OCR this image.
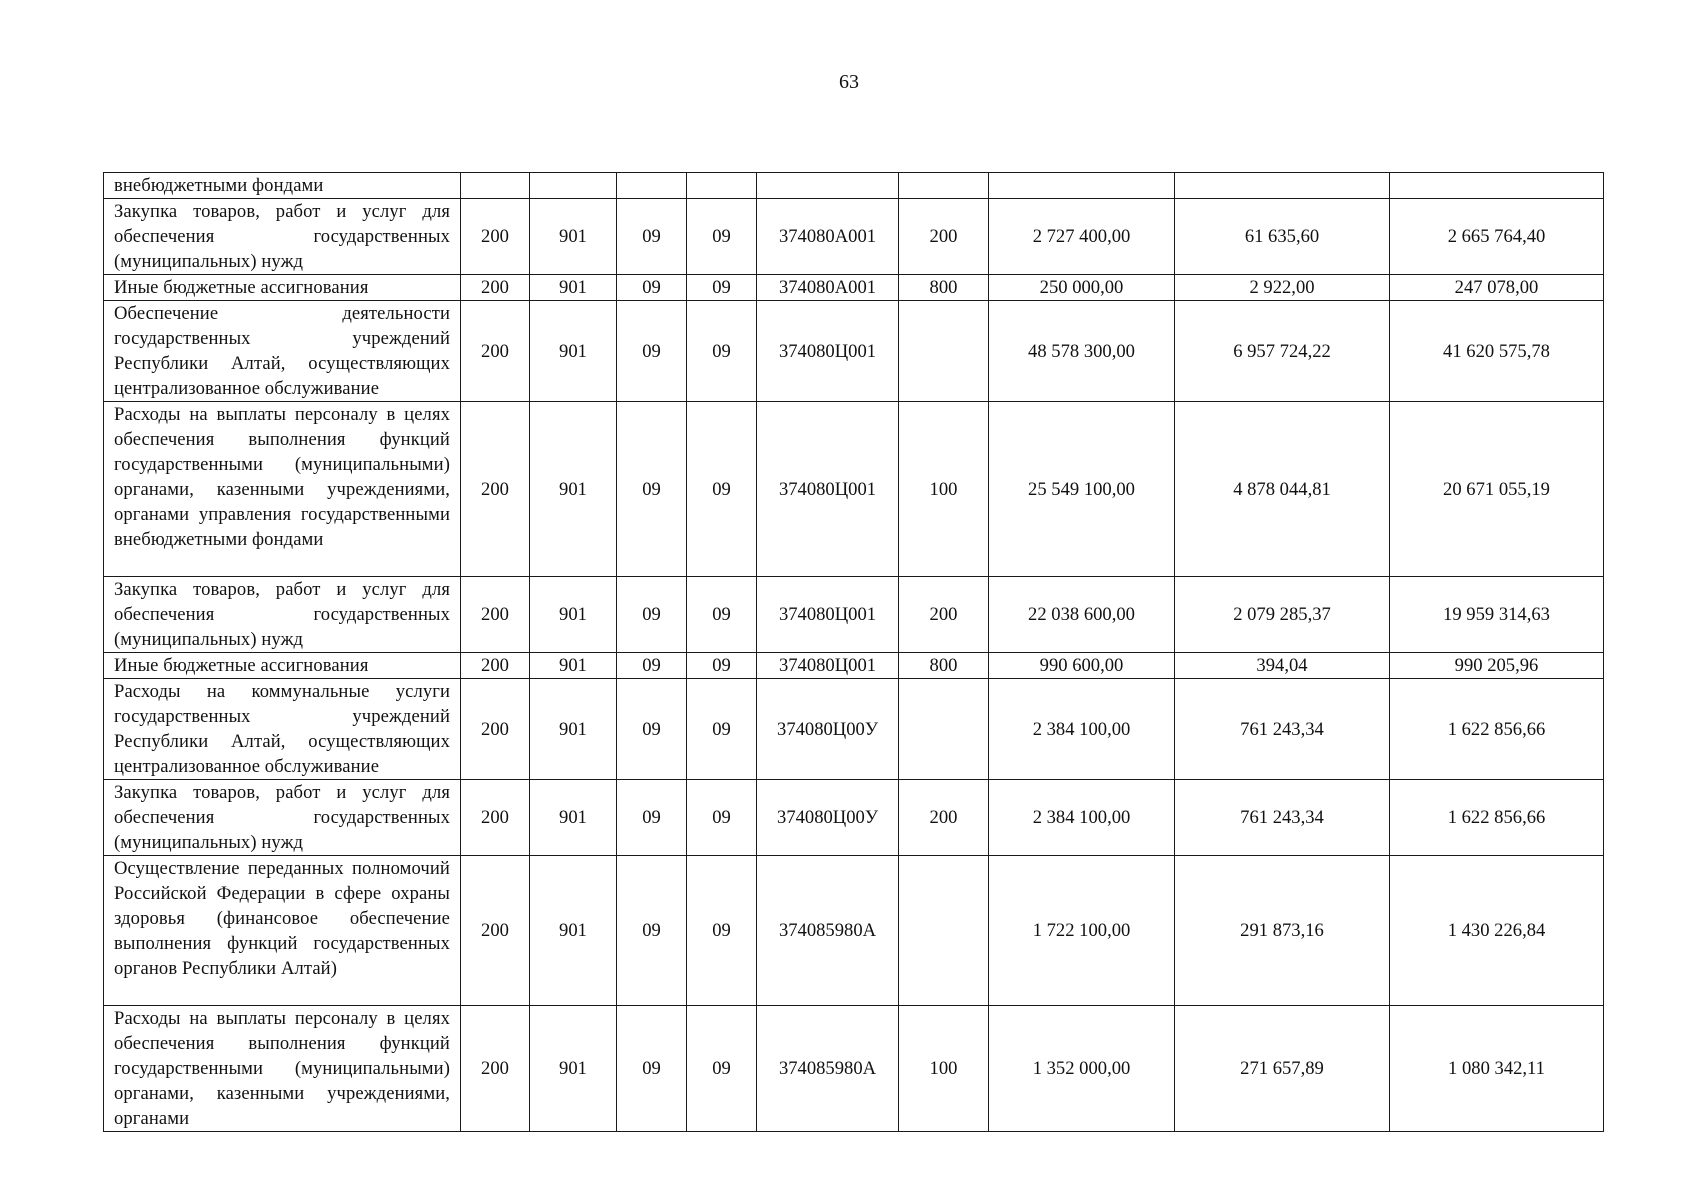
63
внебюджетными фондами									
Закупка товаров, работ и услуг для обеспечения государственных (муниципальных) нужд	200	901	09	09	374080А001	200	2 727 400,00	61 635,60	2 665 764,40
Иные бюджетные ассигнования	200	901	09	09	374080А001	800	250 000,00	2 922,00	247 078,00
Обеспечение деятельности государственных учреждений Республики Алтай, осуществляющих централизованное обслуживание	200	901	09	09	374080Ц001		48 578 300,00	6 957 724,22	41 620 575,78
Расходы на выплаты персоналу в целях обеспечения выполнения функций государственными (муниципальными) органами, казенными учреждениями, органами управления государственными внебюджетными фондами	200	901	09	09	374080Ц001	100	25 549 100,00	4 878 044,81	20 671 055,19
Закупка товаров, работ и услуг для обеспечения государственных (муниципальных) нужд	200	901	09	09	374080Ц001	200	22 038 600,00	2 079 285,37	19 959 314,63
Иные бюджетные ассигнования	200	901	09	09	374080Ц001	800	990 600,00	394,04	990 205,96
Расходы на коммунальные услуги государственных учреждений Республики Алтай, осуществляющих централизованное обслуживание	200	901	09	09	374080Ц00У		2 384 100,00	761 243,34	1 622 856,66
Закупка товаров, работ и услуг для обеспечения государственных (муниципальных) нужд	200	901	09	09	374080Ц00У	200	2 384 100,00	761 243,34	1 622 856,66
Осуществление переданных полномочий Российской Федерации в сфере охраны здоровья (финансовое обеспечение выполнения функций государственных органов Республики Алтай)	200	901	09	09	374085980А		1 722 100,00	291 873,16	1 430 226,84
Расходы на выплаты персоналу в целях обеспечения выполнения функций государственными (муниципальными) органами, казенными учреждениями, органами	200	901	09	09	374085980А	100	1 352 000,00	271 657,89	1 080 342,11
